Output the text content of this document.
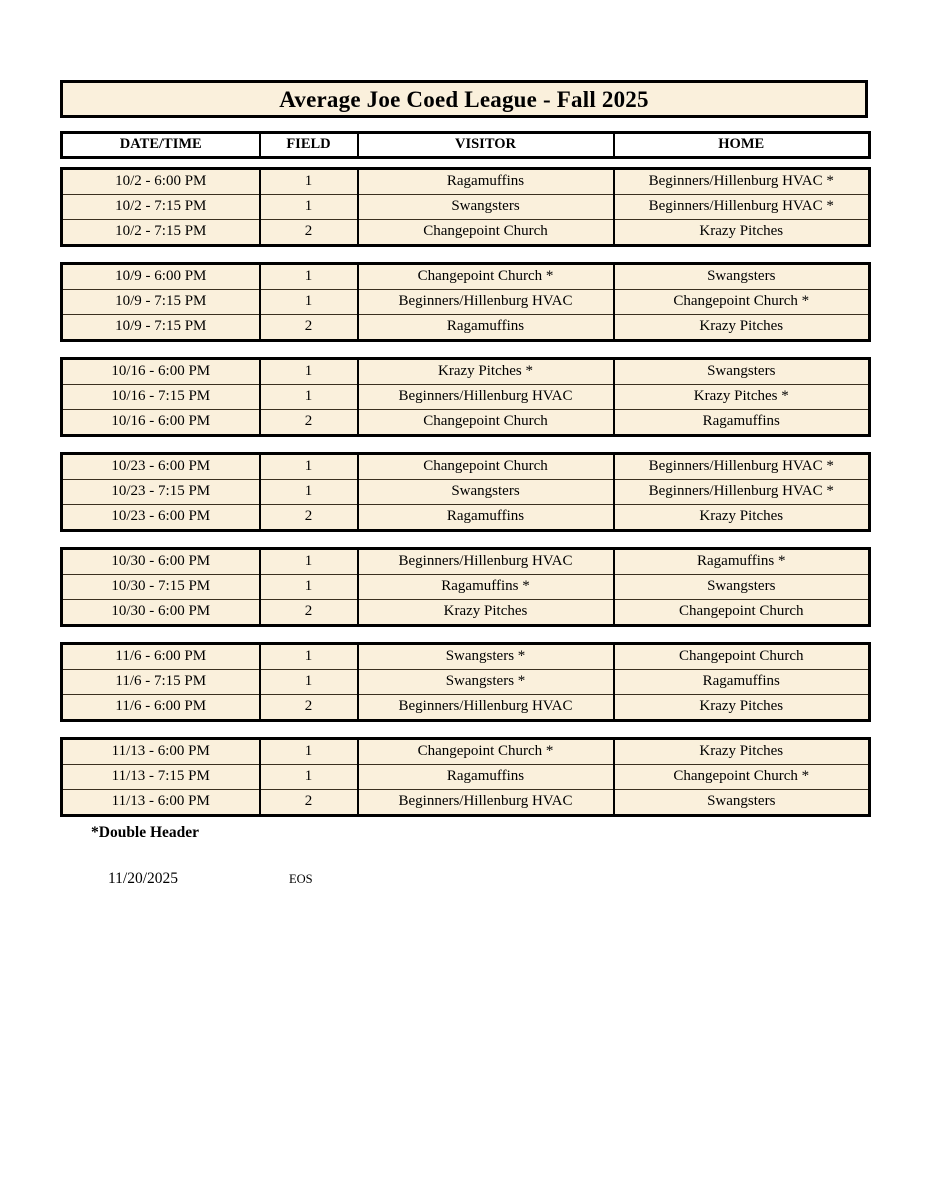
Average Joe Coed League - Fall 2025
DATE/TIME	FIELD	VISITOR	HOME
10/2 - 6:00 PM	1	Ragamuffins	Beginners/Hillenburg HVAC *
10/2 - 7:15 PM	1	Swangsters	Beginners/Hillenburg HVAC *
10/2 - 7:15 PM	2	Changepoint Church	Krazy Pitches
10/9 - 6:00 PM	1	Changepoint Church *	Swangsters
10/9 - 7:15 PM	1	Beginners/Hillenburg HVAC	Changepoint Church *
10/9 - 7:15 PM	2	Ragamuffins	Krazy Pitches
10/16 - 6:00 PM	1	Krazy Pitches *	Swangsters
10/16 - 7:15 PM	1	Beginners/Hillenburg HVAC	Krazy Pitches *
10/16 - 6:00 PM	2	Changepoint Church	Ragamuffins
10/23 - 6:00 PM	1	Changepoint Church	Beginners/Hillenburg HVAC *
10/23 - 7:15 PM	1	Swangsters	Beginners/Hillenburg HVAC *
10/23 - 6:00 PM	2	Ragamuffins	Krazy Pitches
10/30 - 6:00 PM	1	Beginners/Hillenburg HVAC	Ragamuffins *
10/30 - 7:15 PM	1	Ragamuffins *	Swangsters
10/30 - 6:00 PM	2	Krazy Pitches	Changepoint Church
11/6 - 6:00 PM	1	Swangsters *	Changepoint Church
11/6 - 7:15 PM	1	Swangsters *	Ragamuffins
11/6 - 6:00 PM	2	Beginners/Hillenburg HVAC	Krazy Pitches
11/13 - 6:00 PM	1	Changepoint Church *	Krazy Pitches
11/13 - 7:15 PM	1	Ragamuffins	Changepoint Church *
11/13 - 6:00 PM	2	Beginners/Hillenburg HVAC	Swangsters
*Double Header
11/20/2025	EOS
